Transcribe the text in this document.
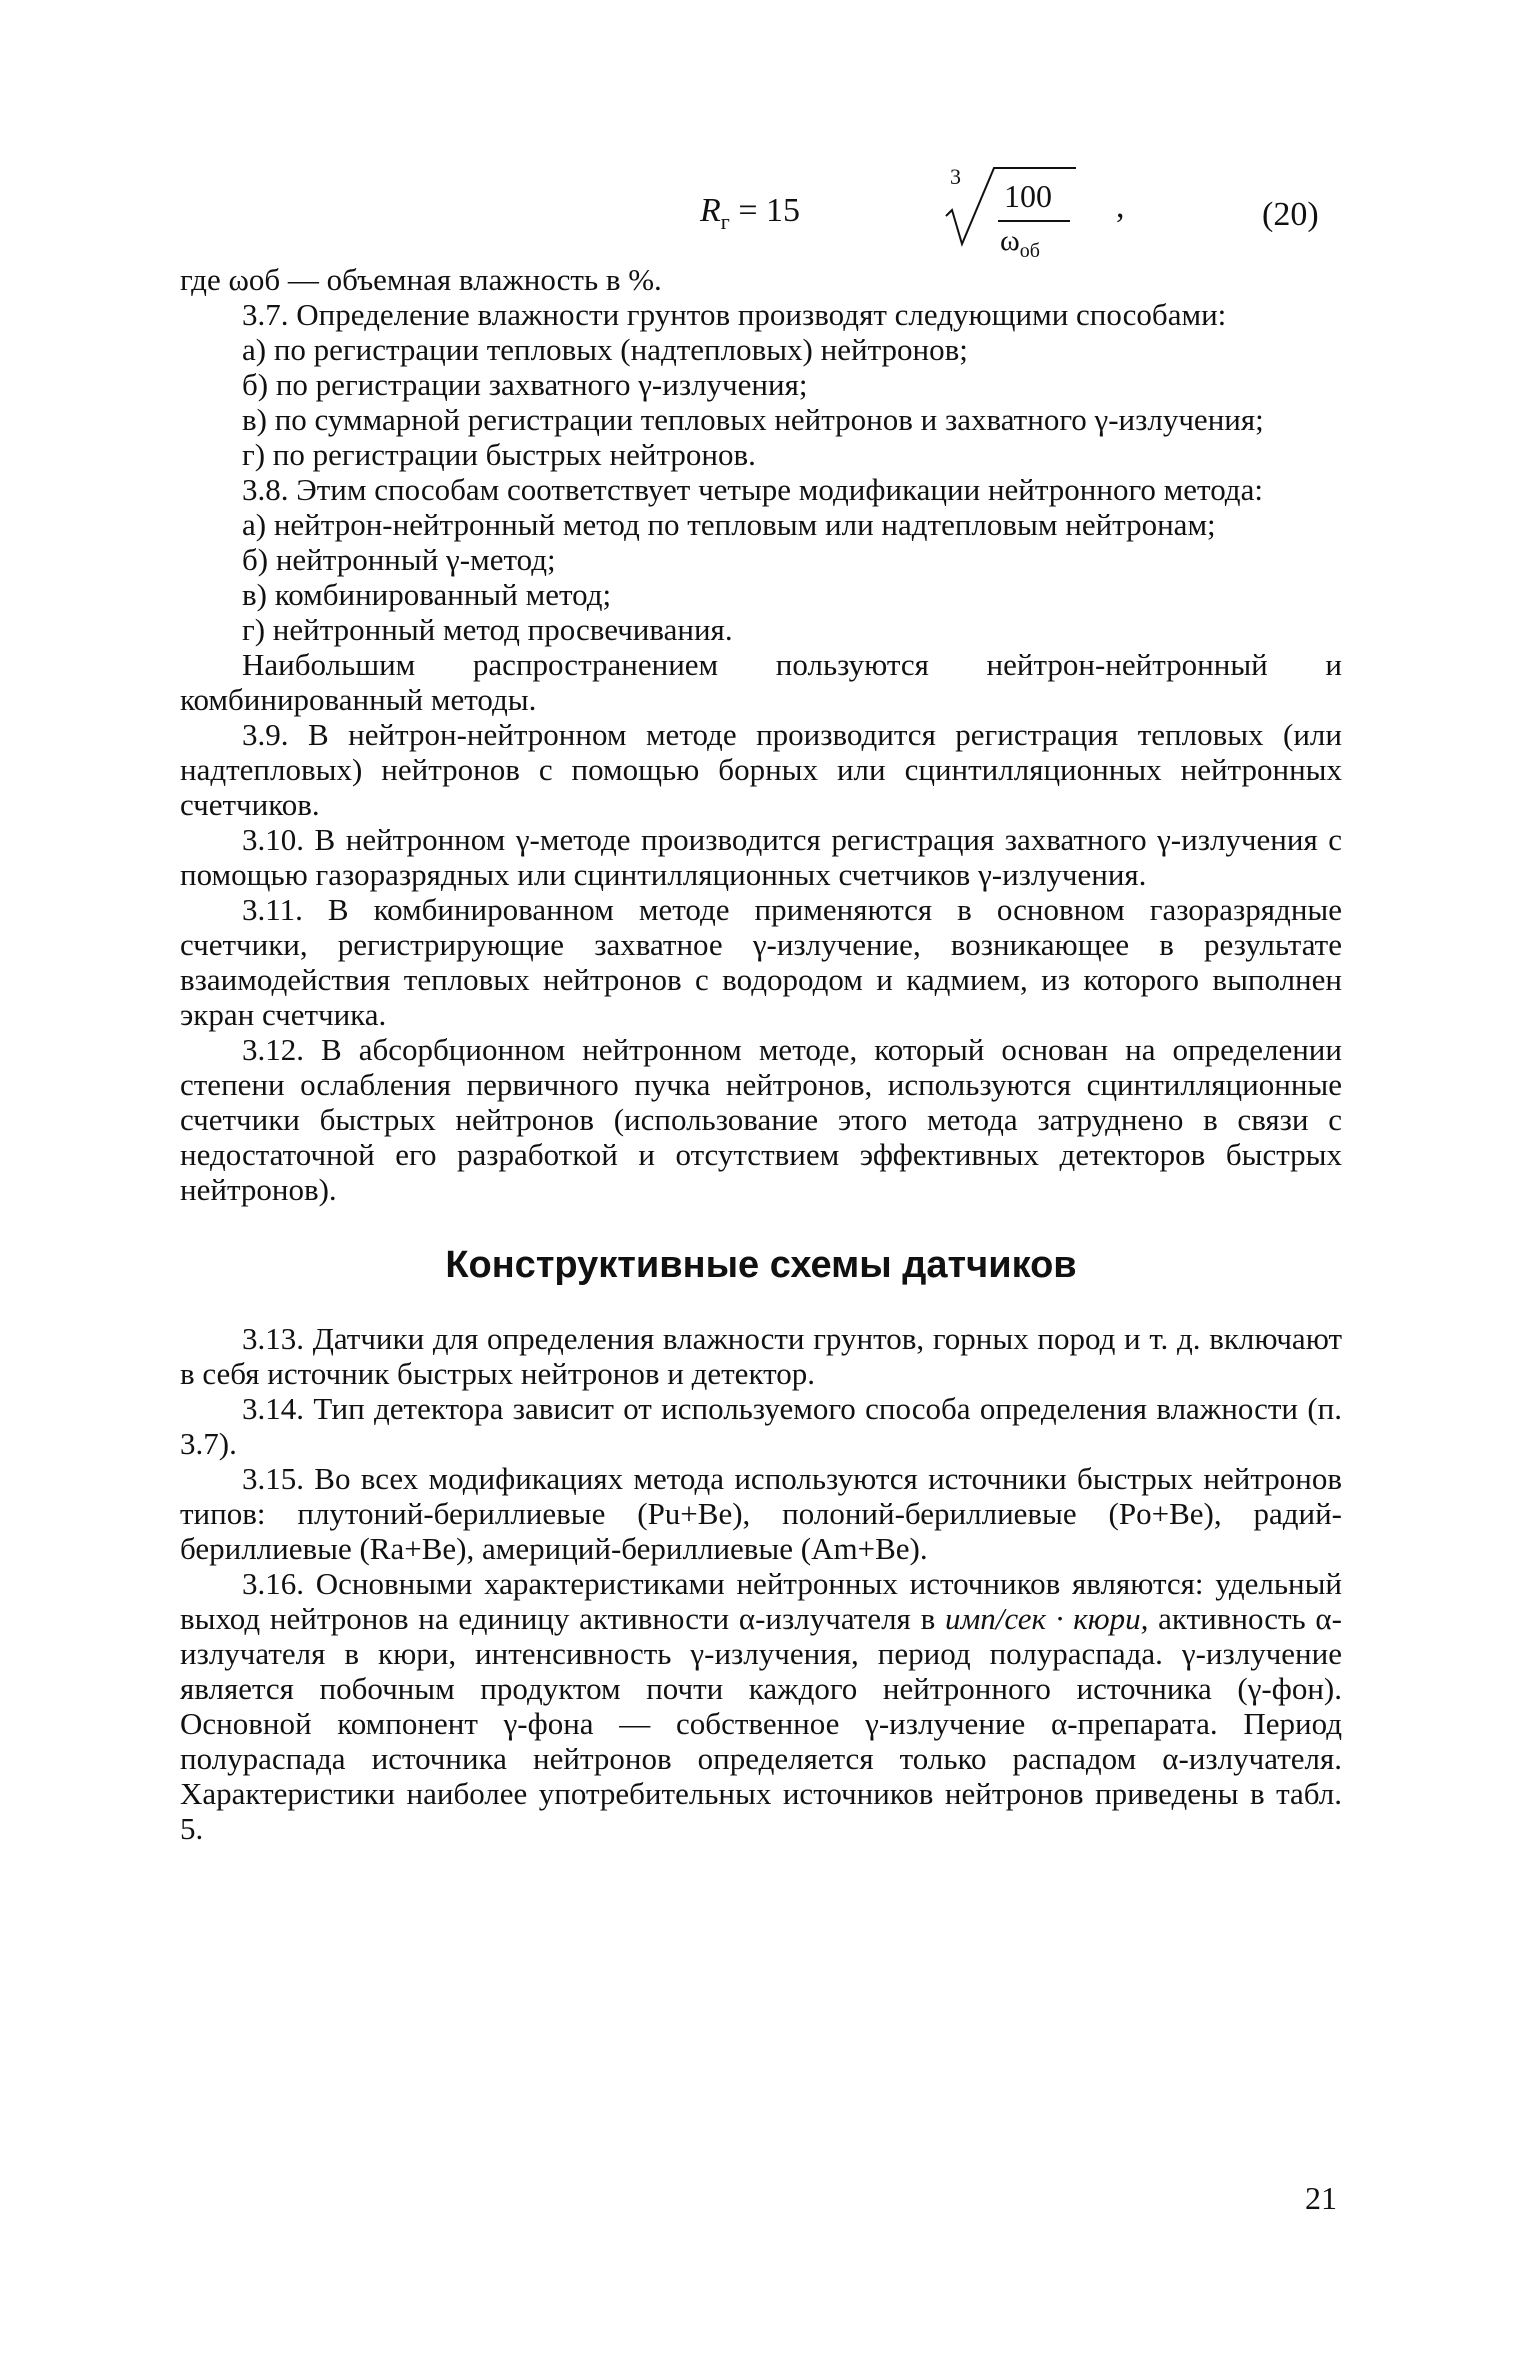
$R_г = 15$
3
100
$\omega_{об}$
,	(20)

где ωоб — объемная влажность в %.

3.7. Определение влажности грунтов производят следующими способами:

а) по регистрации тепловых (надтепловых) нейтронов;

б) по регистрации захватного γ-излучения;

в) по суммарной регистрации тепловых нейтронов и захватного γ-излучения;

г) по регистрации быстрых нейтронов.

3.8. Этим способам соответствует четыре модификации нейтронного метода:

а) нейтрон-нейтронный метод по тепловым или надтепловым нейтронам;

б) нейтронный γ-метод;

в) комбинированный метод;

г) нейтронный метод просвечивания.

Наибольшим распространением пользуются нейтрон-нейтронный и комбинированный методы.

3.9. В нейтрон-нейтронном методе производится регистрация тепловых (или надтепловых) нейтронов с помощью борных или сцинтилляционных нейтронных счетчиков.

3.10. В нейтронном γ-методе производится регистрация захватного γ-излучения с помощью газоразрядных или сцинтилляционных счетчиков γ-излучения.

3.11. В комбинированном методе применяются в основном газоразрядные счетчики, регистрирующие захватное γ-излучение, возникающее в результате взаимодействия тепловых нейтронов с водородом и кадмием, из которого выполнен экран счетчика.

3.12. В абсорбционном нейтронном методе, который основан на определении степени ослабления первичного пучка нейтронов, используются сцинтилляционные счетчики быстрых нейтронов (использование этого метода затруднено в связи с недостаточной его разработкой и отсутствием эффективных детекторов быстрых нейтронов).

Конструктивные схемы датчиков

3.13. Датчики для определения влажности грунтов, горных пород и т. д. включают в себя источник быстрых нейтронов и детектор.

3.14. Тип детектора зависит от используемого способа определения влажности (п. 3.7).

3.15. Во всех модификациях метода используются источники быстрых нейтронов типов: плутоний-бериллиевые (Pu+Be), полоний-бериллиевые (Po+Be), радий-бериллиевые (Ra+Be), америций-бериллиевые (Am+Be).

3.16. Основными характеристиками нейтронных источников являются: удельный выход нейтронов на единицу активности α-излучателя в имп/сек · кюри, активность α-излучателя в кюри, интенсивность γ-излучения, период полураспада. γ-излучение является побочным продуктом почти каждого нейтронного источника (γ-фон). Основной компонент γ-фона — собственное γ-излучение α-препарата. Период полураспада источника нейтронов определяется только распадом α-излучателя. Характеристики наиболее употребительных источников нейтронов приведены в табл. 5.

21
